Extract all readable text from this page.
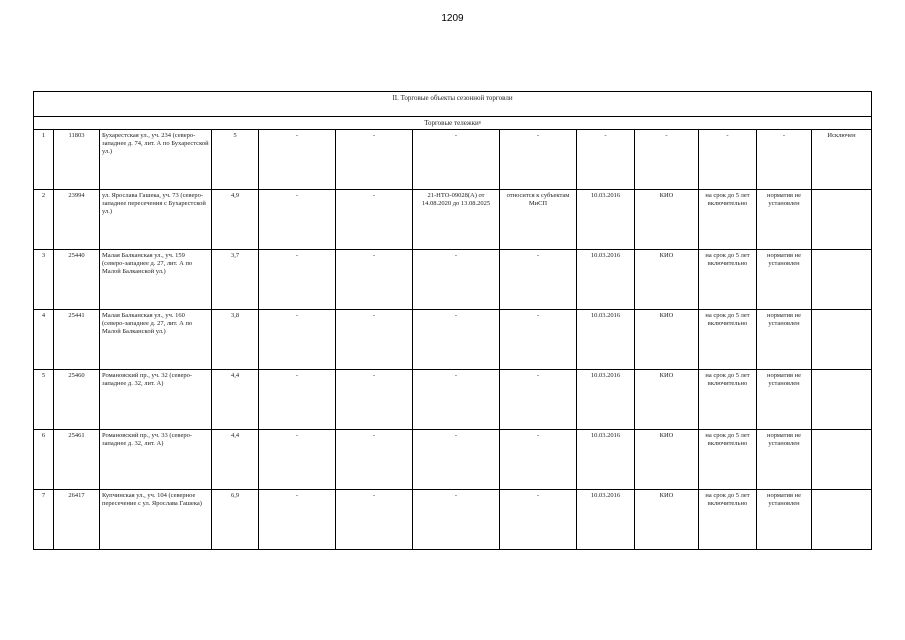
1209
II. Торговые объекты сезонной торговли												
Торговые тележки$^8$
1	11803	Бухарестская ул., уч. 234 (северо-западнее д. 74, лит. А по Бухарестской ул.)	5	-	-	-	-	-	-	-	-	Исключен
2	23994	ул. Ярослава Гашека, уч. 73 (северо-западнее пересечения с Бухарестской ул.)	4,9	-	-	21-НТО-09028(А) от 14.08.2020 до 13.08.2025	относится к субъектам МиСП	10.03.2016	КИО	на срок до 5 лет включительно	норматив не установлен	
3	25440	Малая Балканская ул., уч. 159 (северо-западнее д. 27, лит. А по Малой Балканской ул.)	3,7	-	-	-	-	10.03.2016	КИО	на срок до 5 лет включительно	норматив не установлен	
4	25441	Малая Балканская ул., уч. 160 (северо-западнее д. 27, лит. А по Малой Балканской ул.)	3,8	-	-	-	-	10.03.2016	КИО	на срок до 5 лет включительно	норматив не установлен	
5	25460	Романовский пр., уч. 32 (северо-западнее д. 32, лит. А)	4,4	-	-	-	-	10.03.2016	КИО	на срок до 5 лет включительно	норматив не установлен	
6	25461	Романовский пр., уч. 33 (северо-западнее д. 32, лит. А)	4,4	-	-	-	-	10.03.2016	КИО	на срок до 5 лет включительно	норматив не установлен	
7	26417	Купчинская ул., уч. 104 (северное пересечение с ул. Ярослава Гашека)	6,9	-	-	-	-	10.03.2016	КИО	на срок до 5 лет включительно	норматив не установлен	
